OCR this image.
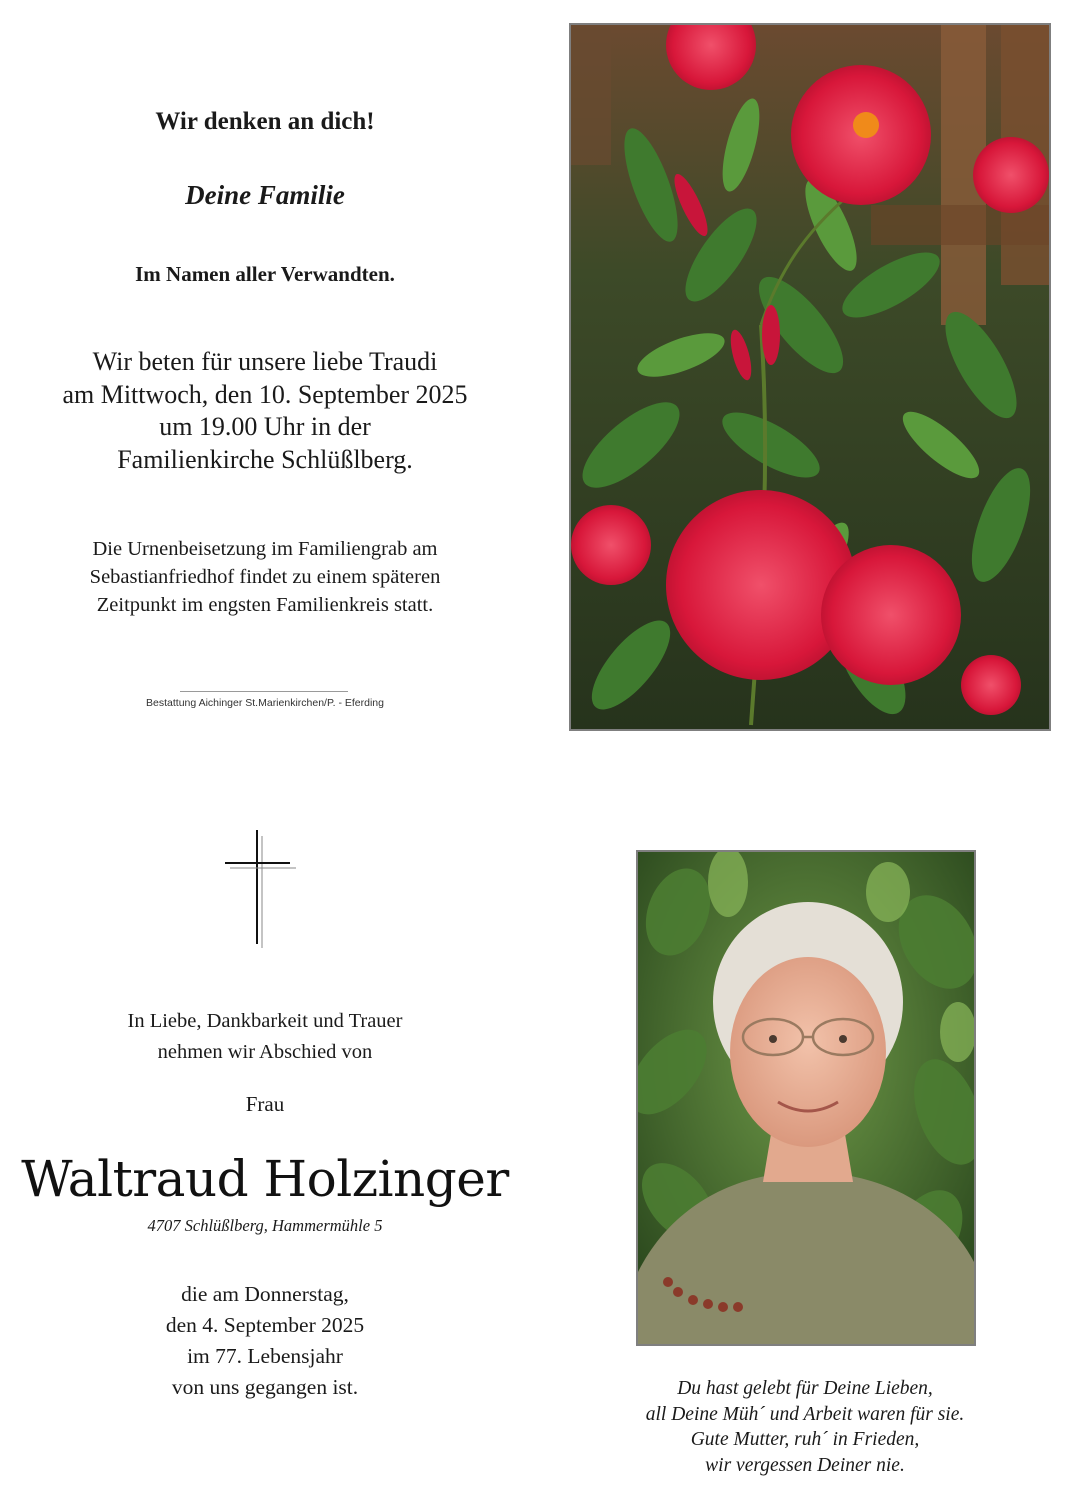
Wir denken an dich!
Deine Familie
Im Namen aller Verwandten.
Wir beten für unsere liebe Traudi
am Mittwoch, den 10. September 2025
um 19.00 Uhr in der
Familienkirche Schlüßlberg.
Die Urnenbeisetzung im Familiengrab am
Sebastianfriedhof findet zu einem späteren
Zeitpunkt im engsten Familienkreis statt.
Bestattung Aichinger St.Marienkirchen/P. - Eferding
In Liebe, Dankbarkeit und Trauer
nehmen wir Abschied von
Frau
Waltraud Holzinger
4707 Schlüßlberg, Hammermühle 5
die am Donnerstag,
den 4. September 2025
im 77. Lebensjahr
von uns gegangen ist.	Du hast gelebt für Deine Lieben,
all Deine Müh´ und Arbeit waren für sie.
Gute Mutter, ruh´ in Frieden,
wir vergessen Deiner nie.
